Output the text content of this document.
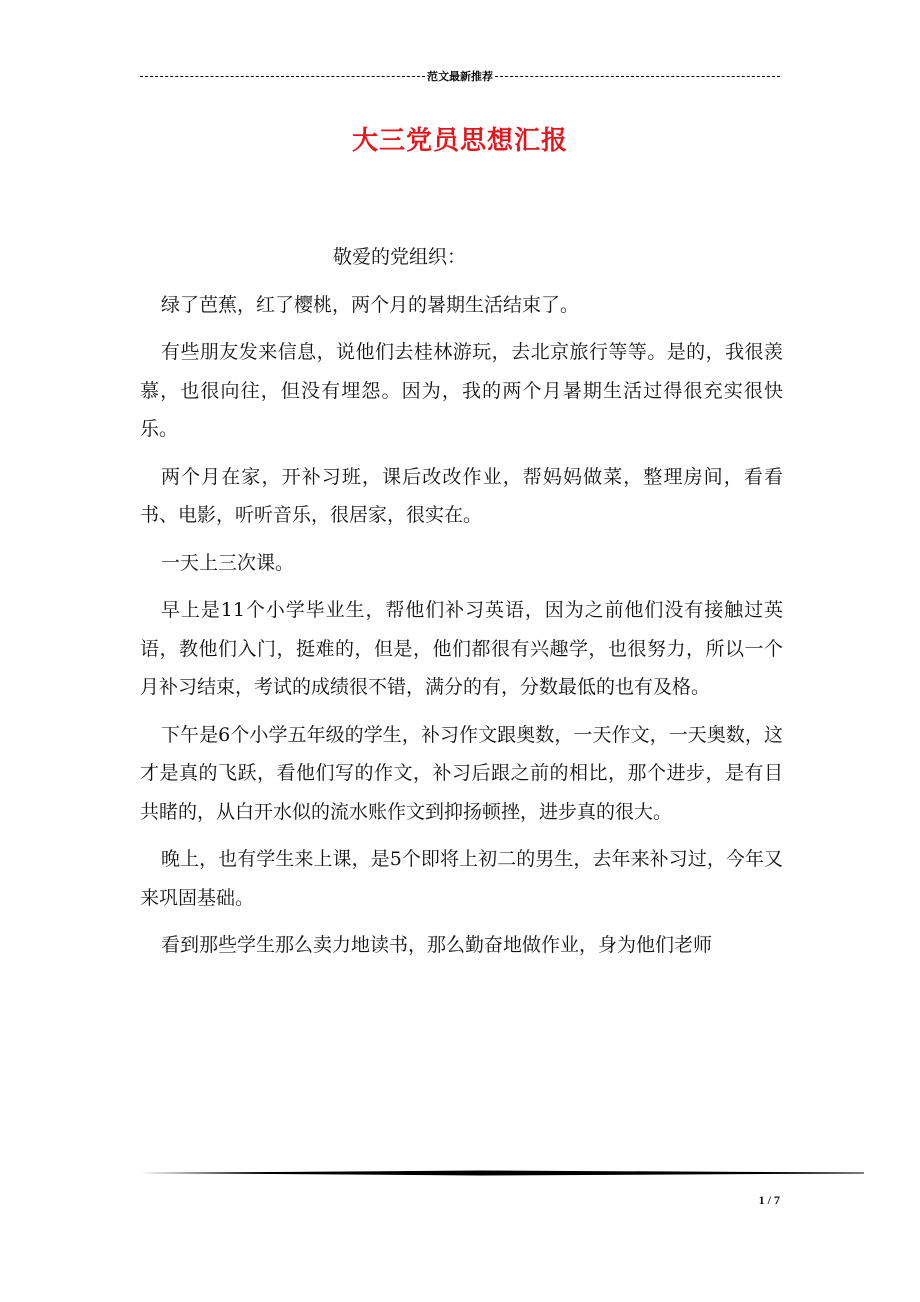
范文最新推荐
大三党员思想汇报

敬爱的党组织：

绿了芭蕉，红了樱桃，两个月的暑期生活结束了。

有些朋友发来信息，说他们去桂林游玩，去北京旅行等等。是的，我很羡慕，也很向往，但没有埋怨。因为，我的两个月暑期生活过得很充实很快乐。

两个月在家，开补习班，课后改改作业，帮妈妈做菜，整理房间，看看书、电影，听听音乐，很居家，很实在。

一天上三次课。

早上是11个小学毕业生，帮他们补习英语，因为之前他们没有接触过英语，教他们入门，挺难的，但是，他们都很有兴趣学，也很努力，所以一个月补习结束，考试的成绩很不错，满分的有，分数最低的也有及格。

下午是6个小学五年级的学生，补习作文跟奥数，一天作文，一天奥数，这才是真的飞跃，看他们写的作文，补习后跟之前的相比，那个进步，是有目共睹的，从白开水似的流水账作文到抑扬顿挫，进步真的很大。

晚上，也有学生来上课，是5个即将上初二的男生，去年来补习过，今年又来巩固基础。

看到那些学生那么卖力地读书，那么勤奋地做作业，身为他们老师

1 / 7
